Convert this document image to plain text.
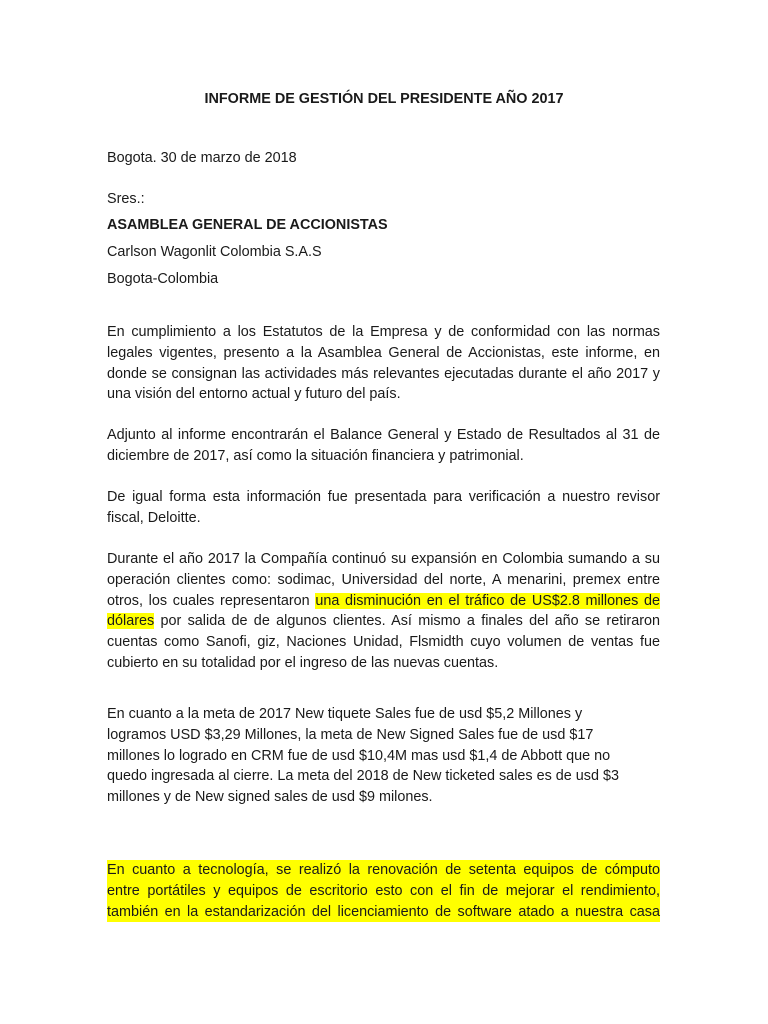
INFORME DE GESTIÓN DEL PRESIDENTE AÑO 2017
Bogota. 30 de marzo de 2018
Sres.:
ASAMBLEA GENERAL DE ACCIONISTAS
Carlson Wagonlit Colombia S.A.S
Bogota-Colombia
En cumplimiento a los Estatutos de la Empresa y de conformidad con las normas legales vigentes, presento a la Asamblea General de Accionistas, este informe, en donde se consignan las actividades más relevantes ejecutadas durante el año 2017 y una visión del entorno actual y futuro del país.
Adjunto al informe encontrarán el Balance General y Estado de Resultados al 31 de diciembre de 2017, así como la situación financiera y patrimonial.
De igual forma esta información fue presentada para verificación a nuestro revisor fiscal, Deloitte.
Durante el año 2017 la Compañía continuó su expansión en Colombia sumando a su operación clientes como: sodimac, Universidad del norte, A menarini, premex entre otros, los cuales representaron una disminución en el tráfico de US$2.8 millones de dólares por salida de de algunos clientes. Así mismo a finales del año se retiraron cuentas como Sanofi, giz, Naciones Unidad, Flsmidth cuyo volumen de ventas fue cubierto en su totalidad por el ingreso de las nuevas cuentas.
En cuanto a la meta de 2017 New tiquete Sales fue de usd $5,2 Millones y
logramos USD $3,29 Millones, la meta de New Signed Sales fue de usd $17
millones lo logrado en CRM fue de usd $10,4M mas usd $1,4 de Abbott que no
quedo ingresada al cierre. La meta del 2018 de New ticketed sales es de usd $3
millones y de New signed sales de usd $9 milones.
En cuanto a tecnología, se realizó la renovación de setenta equipos de cómputo
entre portátiles y equipos de escritorio esto con el fin de mejorar el rendimiento,
también en la estandarización del licenciamiento de software atado a nuestra casa
